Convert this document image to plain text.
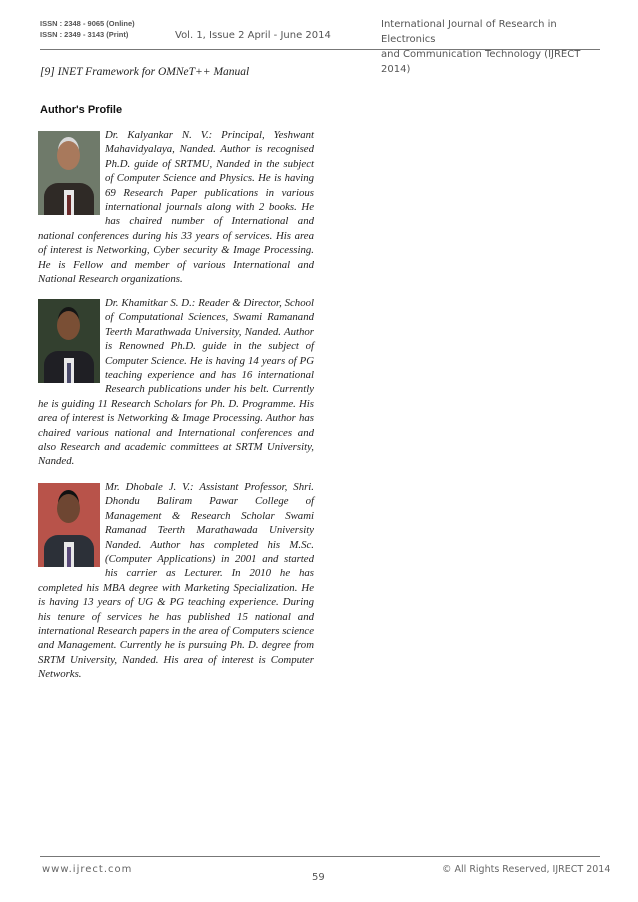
ISSN : 2348 - 9065 (Online)
ISSN : 2349 - 3143 (Print)	Vol. 1, Issue 2 April - June 2014
International Journal of Research in Electronics
and Communication Technology (IJRECT 2014)
[9] INET Framework for OMNeT++ Manual
Author's Profile
Dr. Kalyankar N. V.: Principal, Yeshwant Mahavidyalaya, Nanded. Author is recognised Ph.D. guide of SRTMU, Nanded in the subject of Computer Science and Physics. He is having 69 Research Paper publications in various international journals along with 2 books. He has chaired number of International and national conferences during his 33 years of services. His area of interest is Networking, Cyber security & Image Processing. He is Fellow and member of various International and National Research organizations.
Dr. Khamitkar S. D.: Reader & Director, School of Computational Sciences, Swami Ramanand Teerth Marathwada University, Nanded. Author is Renowned Ph.D. guide in the subject of Computer Science. He is having 14 years of PG teaching experience and has 16 international Research publications under his belt. Currently he is guiding 11 Research Scholars for Ph. D. Programme. His area of interest is Networking & Image Processing. Author has chaired various national and International conferences and also Research and academic committees at SRTM University, Nanded.
Mr. Dhobale J. V.: Assistant Professor, Shri. Dhondu Baliram Pawar College of Management & Research Scholar Swami Ramanad Teerth Marathawada University Nanded. Author has completed his M.Sc. (Computer Applications) in 2001 and started his carrier as Lecturer. In 2010 he has completed his MBA degree with Marketing Specialization. He is having 13 years of UG & PG teaching experience. During his tenure of services he has published 15 national and international Research papers in the area of Computers science and Management. Currently he is pursuing Ph. D. degree from SRTM University, Nanded. His area of interest is Computer Networks.
www.ijrect.com
59
© All Rights Reserved, IJRECT 2014
